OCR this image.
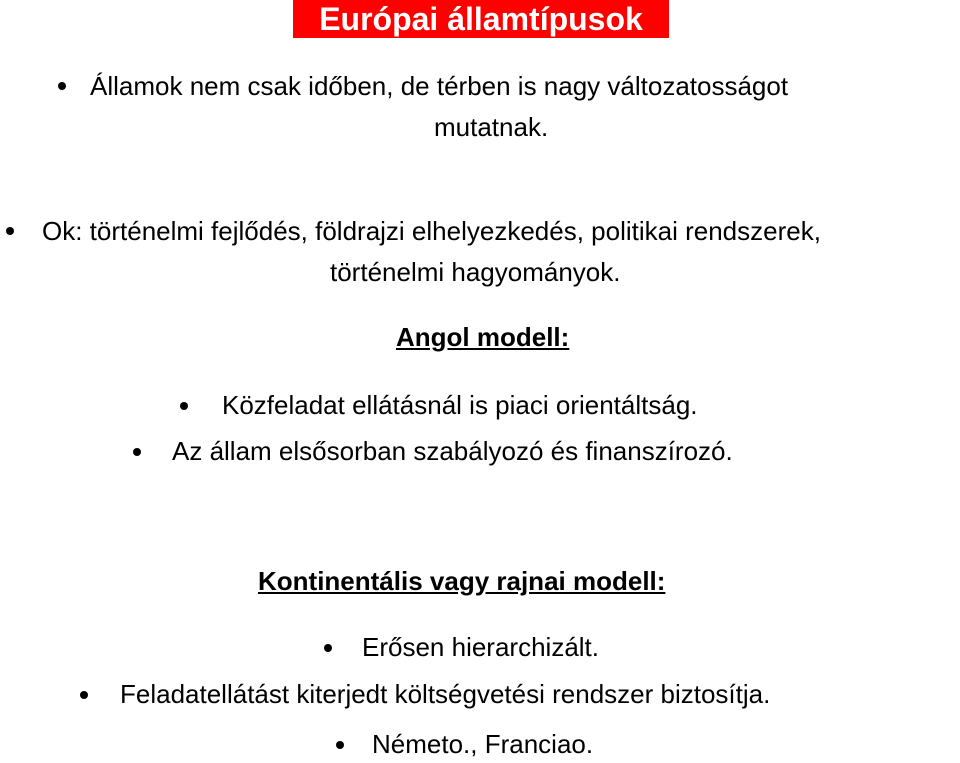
Európai államtípusok
Államok nem csak időben, de térben is nagy változatosságot
mutatnak.
Ok: történelmi fejlődés, földrajzi elhelyezkedés, politikai rendszerek,
történelmi hagyományok.
Angol modell:
Közfeladat ellátásnál is piaci orientáltság.
Az állam elsősorban szabályozó és finanszírozó.
Kontinentális vagy rajnai modell:
Erősen hierarchizált.
Feladatellátást kiterjedt költségvetési rendszer biztosítja.
Németo., Franciao.
